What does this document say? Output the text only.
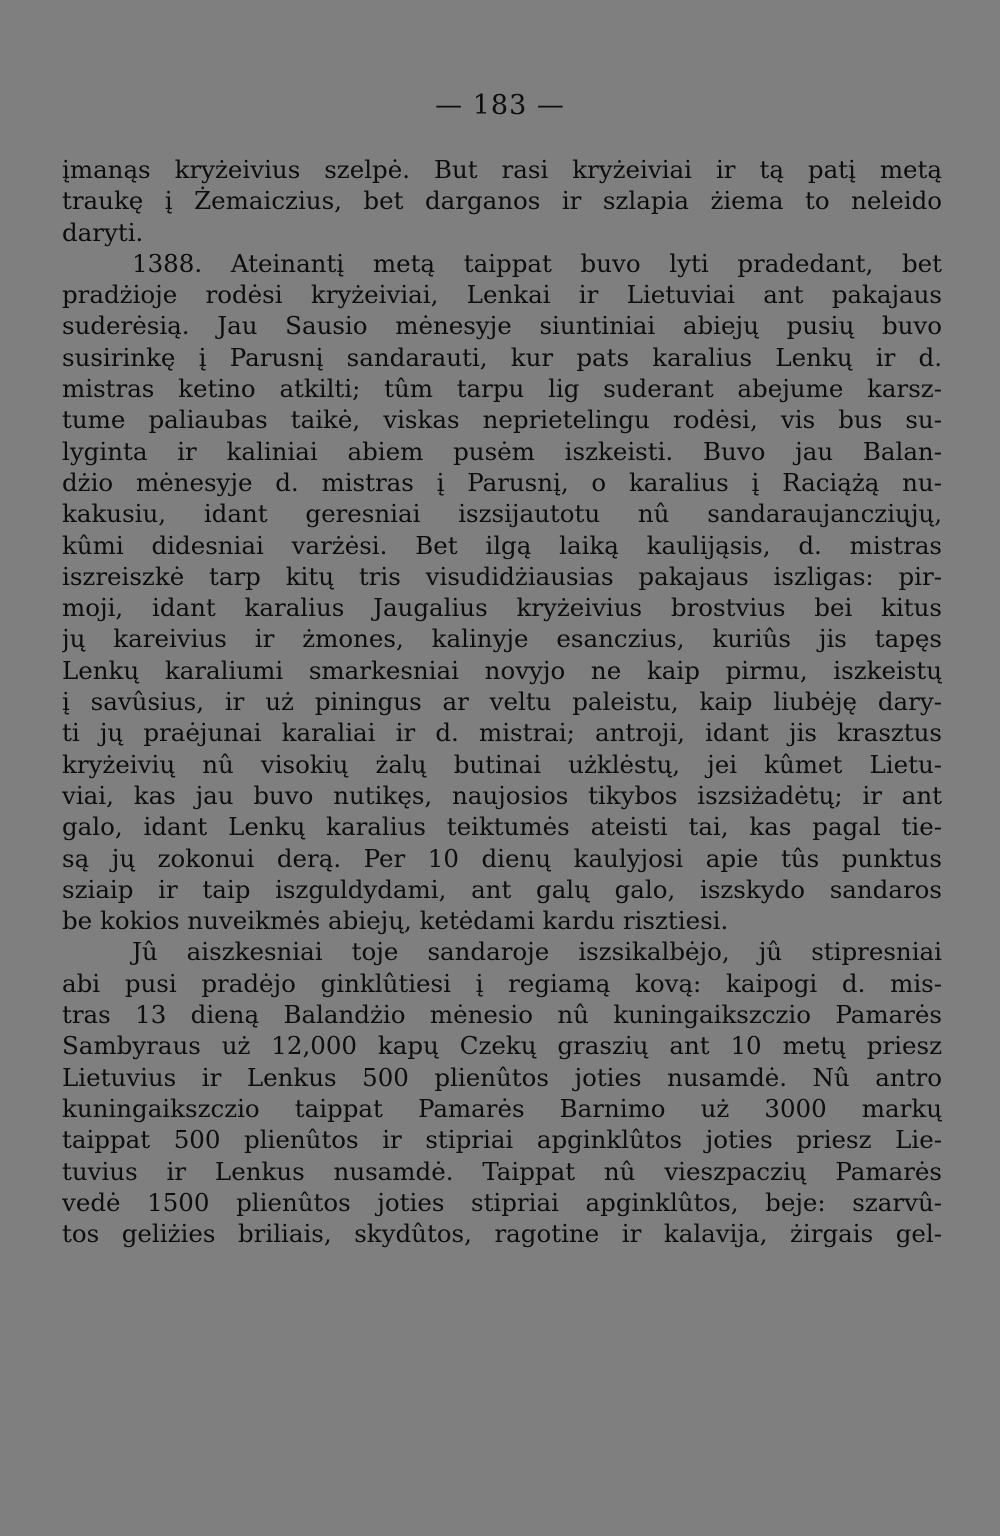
— 183 —
įmanąs kryżeivius szelpė. But rasi kryżeiviai ir tą patį metą
traukę į Żemaiczius, bet darganos ir szlapia żiema to neleido
daryti.
1388. Ateinantį metą taippat buvo lyti pradedant, bet
pradżioje rodėsi kryżeiviai, Lenkai ir Lietuviai ant pakajaus
suderėsią. Jau Sausio mėnesyje siuntiniai abiejų pusių buvo
susirinkę į Parusnį sandarauti, kur pats karalius Lenkų ir d.
mistras ketino atkilti; tûm tarpu lig suderant abejume karsz-
tume paliaubas taikė, viskas neprietelingu rodėsi, vis bus su-
lyginta ir kaliniai abiem pusėm iszkeisti. Buvo jau Balan-
dżio mėnesyje d. mistras į Parusnį, o karalius į Raciążą nu-
kakusiu, idant geresniai iszsijautotu nû sandaraujancziųjų,
kûmi didesniai varżėsi. Bet ilgą laiką kaulijąsis, d. mistras
iszreiszkė tarp kitų tris visudidżiausias pakajaus iszligas: pir-
moji, idant karalius Jaugalius kryżeivius brostvius bei kitus
jų kareivius ir żmones, kalinyje esanczius, kuriûs jis tapęs
Lenkų karaliumi smarkesniai novyjo ne kaip pirmu, iszkeistų
į savûsius, ir uż piningus ar veltu paleistu, kaip liubėję dary-
ti jų praėjunai karaliai ir d. mistrai; antroji, idant jis krasztus
kryżeivių nû visokių żalų butinai użklėstų, jei kûmet Lietu-
viai, kas jau buvo nutikęs, naujosios tikybos iszsiżadėtų; ir ant
galo, idant Lenkų karalius teiktumės ateisti tai, kas pagal tie-
są jų zokonui derą. Per 10 dienų kaulyjosi apie tûs punktus
sziaip ir taip iszguldydami, ant galų galo, iszskydo sandaros
be kokios nuveikmės abiejų, ketėdami kardu risztiesi.
Jû aiszkesniai toje sandaroje iszsikalbėjo, jû stipresniai
abi pusi pradėjo ginklûtiesi į regiamą kovą: kaipogi d. mis-
tras 13 dieną Balandżio mėnesio nû kuningaikszczio Pamarės
Sambyraus uż 12,000 kapų Czekų graszių ant 10 metų priesz
Lietuvius ir Lenkus 500 plienûtos joties nusamdė. Nû antro
kuningaikszczio taippat Pamarės Barnimo uż 3000 markų
taippat 500 plienûtos ir stipriai apginklûtos joties priesz Lie-
tuvius ir Lenkus nusamdė. Taippat nû vieszpaczių Pamarės
vedė 1500 plienûtos joties stipriai apginklûtos, beje: szarvû-
tos geliżies briliais, skydûtos, ragotine ir kalavija, żirgais gel-
